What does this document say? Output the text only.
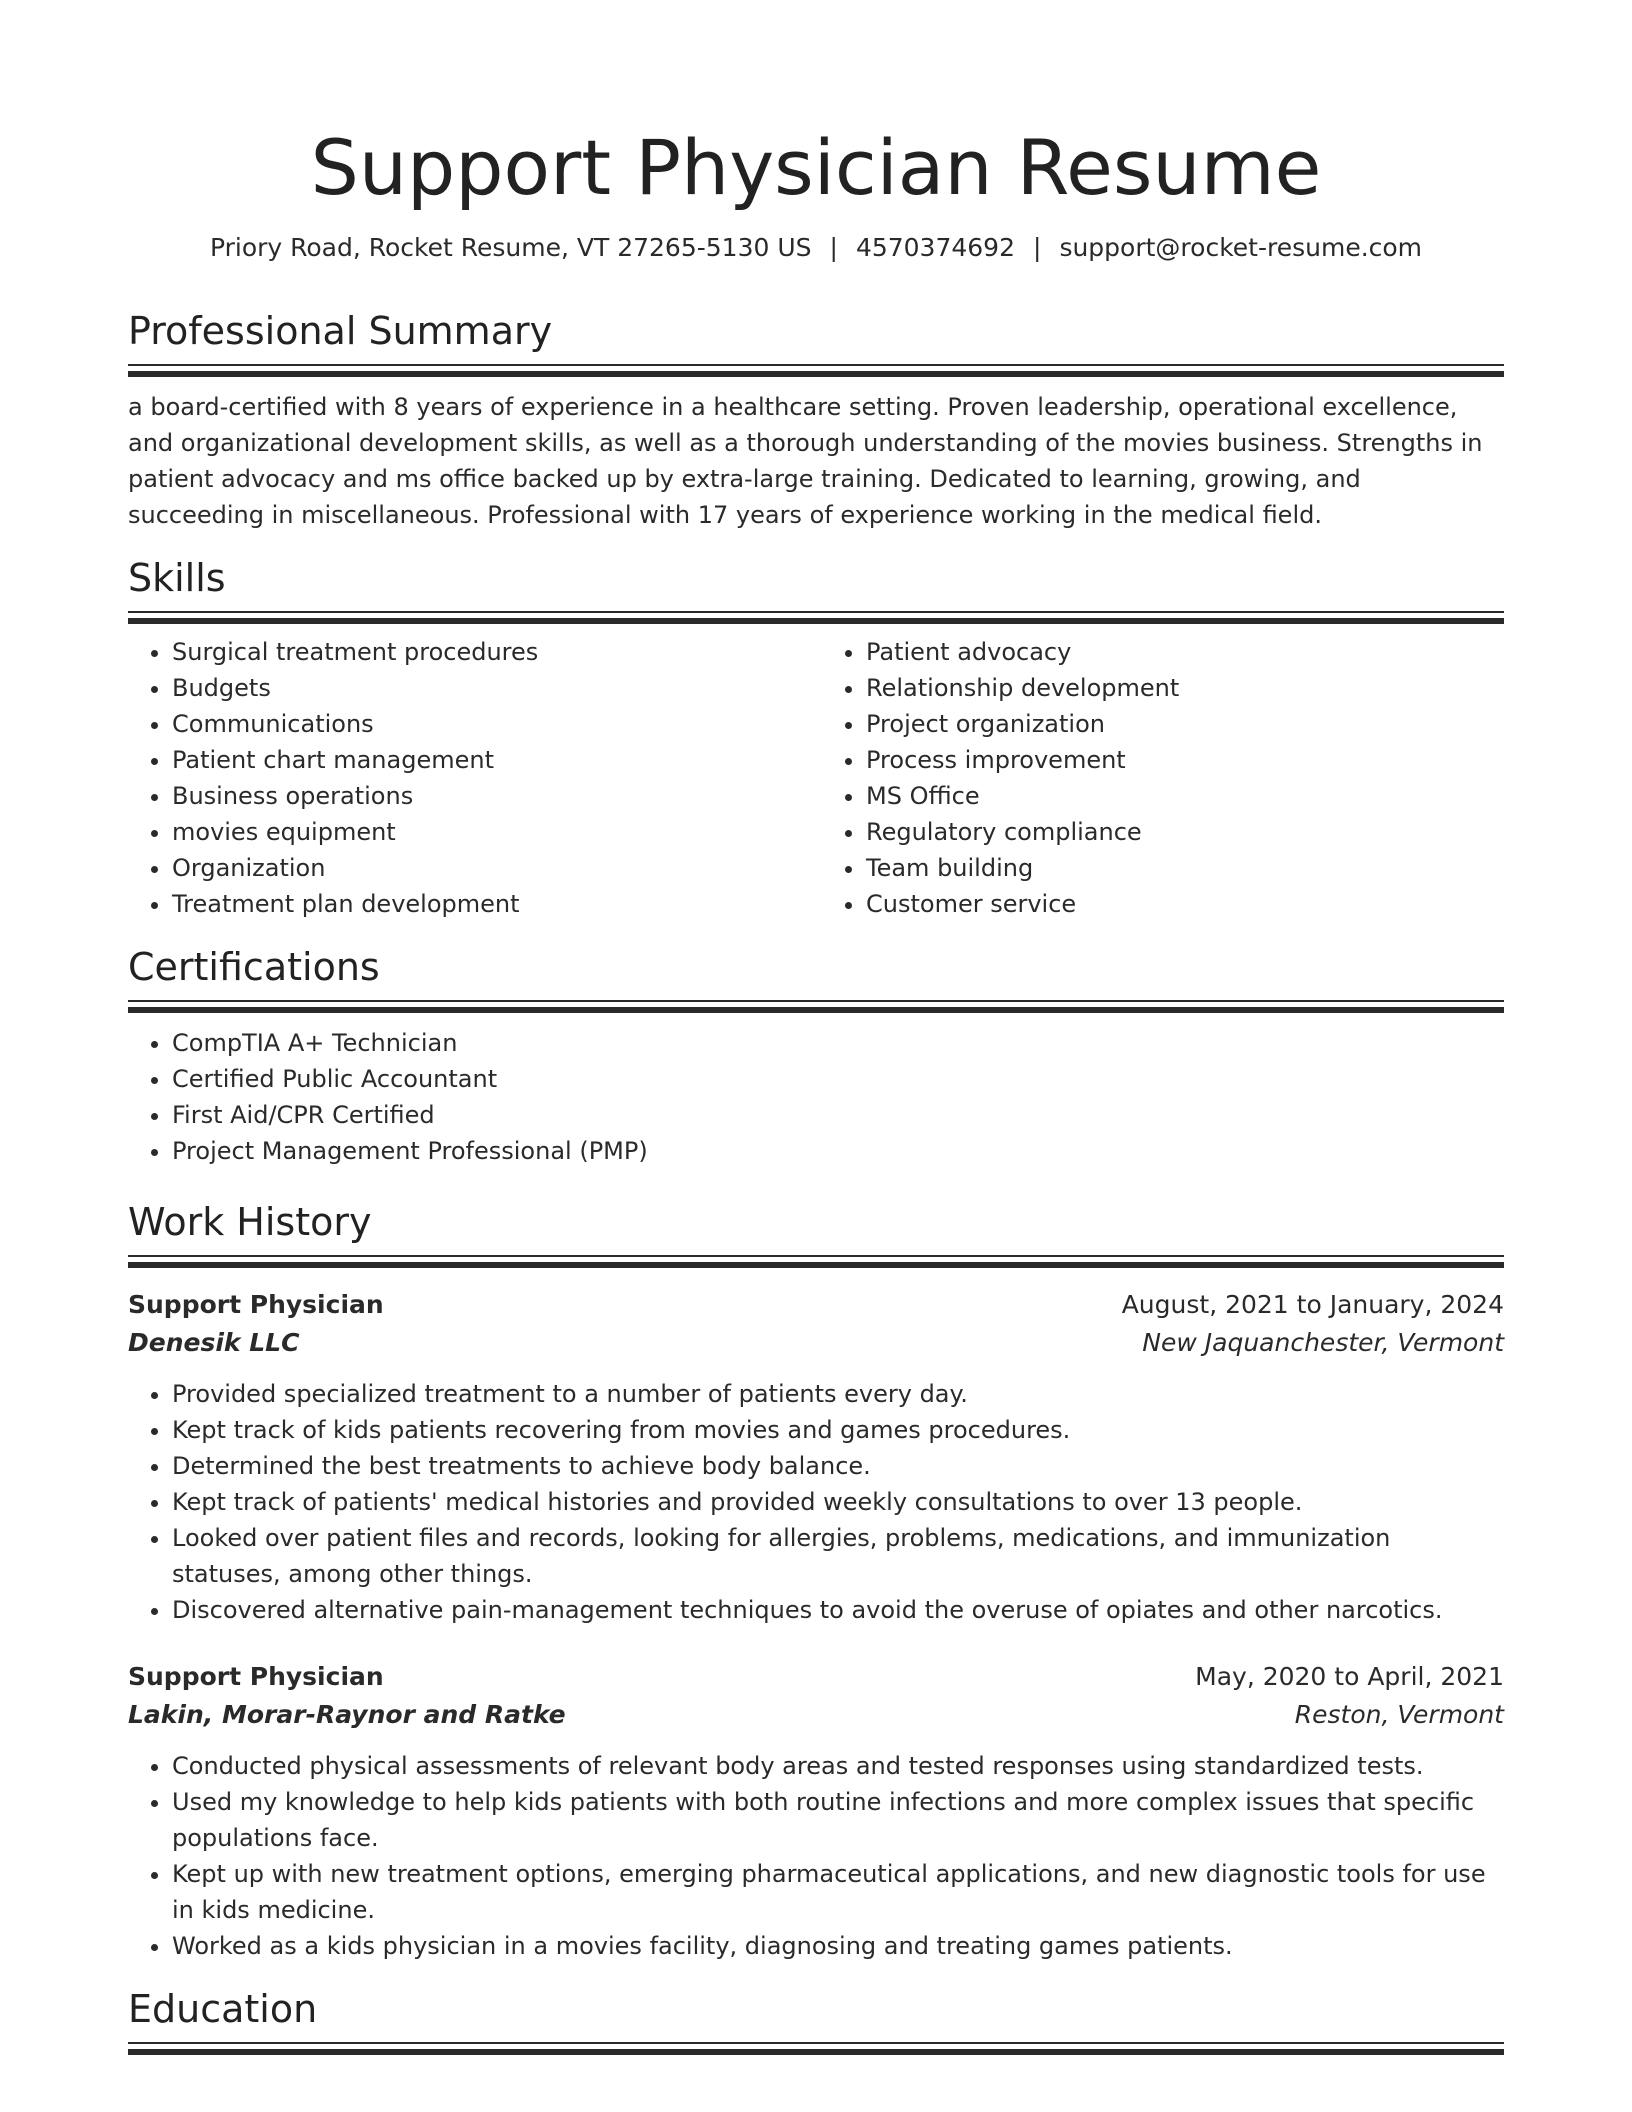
Support Physician Resume
Priory Road, Rocket Resume, VT 27265-5130 US | 4570374692 | support@rocket-resume.com
Professional Summary

a board-certified with 8 years of experience in a healthcare setting. Proven leadership, operational excellence, and organizational development skills, as well as a thorough understanding of the movies business. Strengths in patient advocacy and ms office backed up by extra-large training. Dedicated to learning, growing, and succeeding in miscellaneous. Professional with 17 years of experience working in the medical field.

Skills
• Surgical treatment procedures
• Budgets
• Communications
• Patient chart management
• Business operations
• movies equipment
• Organization
• Treatment plan development
• Patient advocacy
• Relationship development
• Project organization
• Process improvement
• MS Office
• Regulatory compliance
• Team building
• Customer service
Certifications
• CompTIA A+ Technician
• Certified Public Accountant
• First Aid/CPR Certified
• Project Management Professional (PMP)
Work History
Support Physician	August, 2021 to January, 2024
Denesik LLC	New Jaquanchester, Vermont
• Provided specialized treatment to a number of patients every day.
• Kept track of kids patients recovering from movies and games procedures.
• Determined the best treatments to achieve body balance.
• Kept track of patients' medical histories and provided weekly consultations to over 13 people.
• Looked over patient files and records, looking for allergies, problems, medications, and immunization statuses, among other things.
• Discovered alternative pain-management techniques to avoid the overuse of opiates and other narcotics.
Support Physician	May, 2020 to April, 2021
Lakin, Morar-Raynor and Ratke	Reston, Vermont
• Conducted physical assessments of relevant body areas and tested responses using standardized tests.
• Used my knowledge to help kids patients with both routine infections and more complex issues that specific populations face.
• Kept up with new treatment options, emerging pharmaceutical applications, and new diagnostic tools for use in kids medicine.
• Worked as a kids physician in a movies facility, diagnosing and treating games patients.
Education
